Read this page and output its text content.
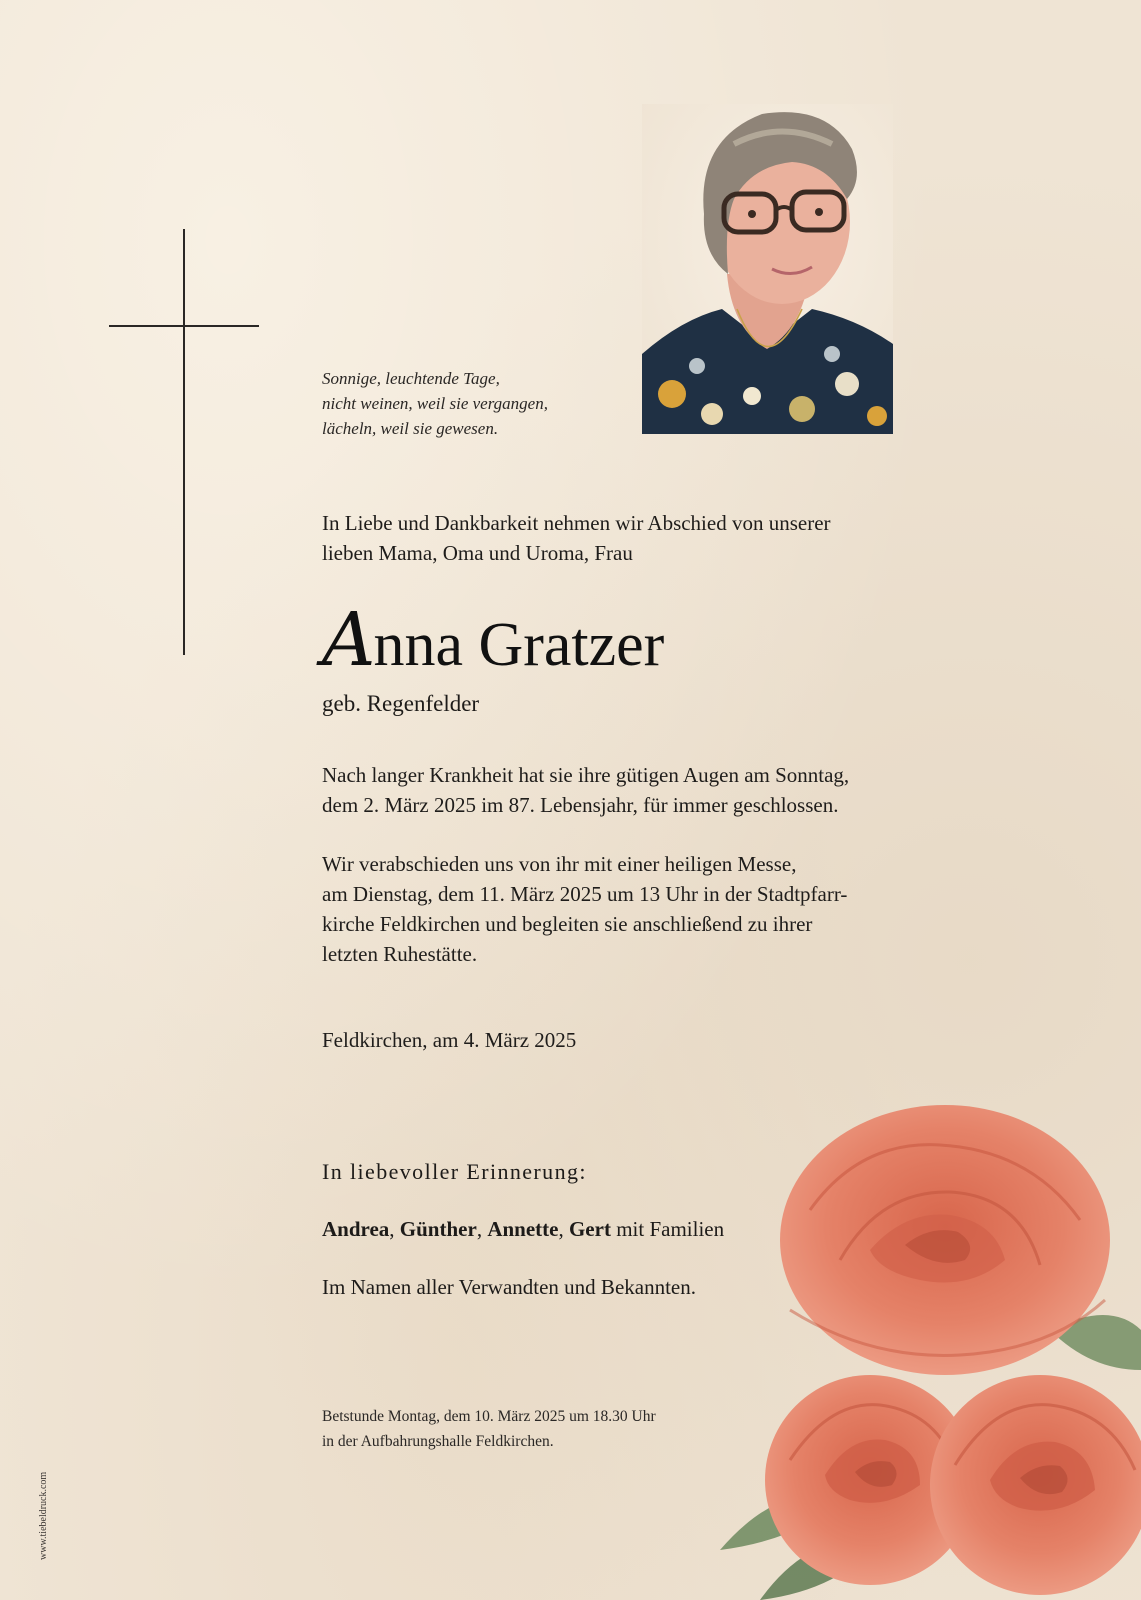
Sonnige, leuchtende Tage,
nicht weinen, weil sie vergangen,
lächeln, weil sie gewesen.
In Liebe und Dankbarkeit nehmen wir Abschied von unserer
lieben Mama, Oma und Uroma, Frau
Anna Gratzer
geb. Regenfelder
Nach langer Krankheit hat sie ihre gütigen Augen am Sonntag,
dem 2. März 2025 im 87. Lebensjahr, für immer geschlossen.
Wir verabschieden uns von ihr mit einer heiligen Messe,
am Dienstag, dem 11. März 2025 um 13 Uhr in der Stadtpfarr-
kirche Feldkirchen und begleiten sie anschließend zu ihrer
letzten Ruhestätte.
Feldkirchen, am 4. März 2025
In liebevoller Erinnerung:
Andrea, Günther, Annette, Gert mit Familien
Im Namen aller Verwandten und Bekannten.
Betstunde Montag, dem 10. März 2025 um 18.30 Uhr
in der Aufbahrungshalle Feldkirchen.
www.tiebeldruck.com
